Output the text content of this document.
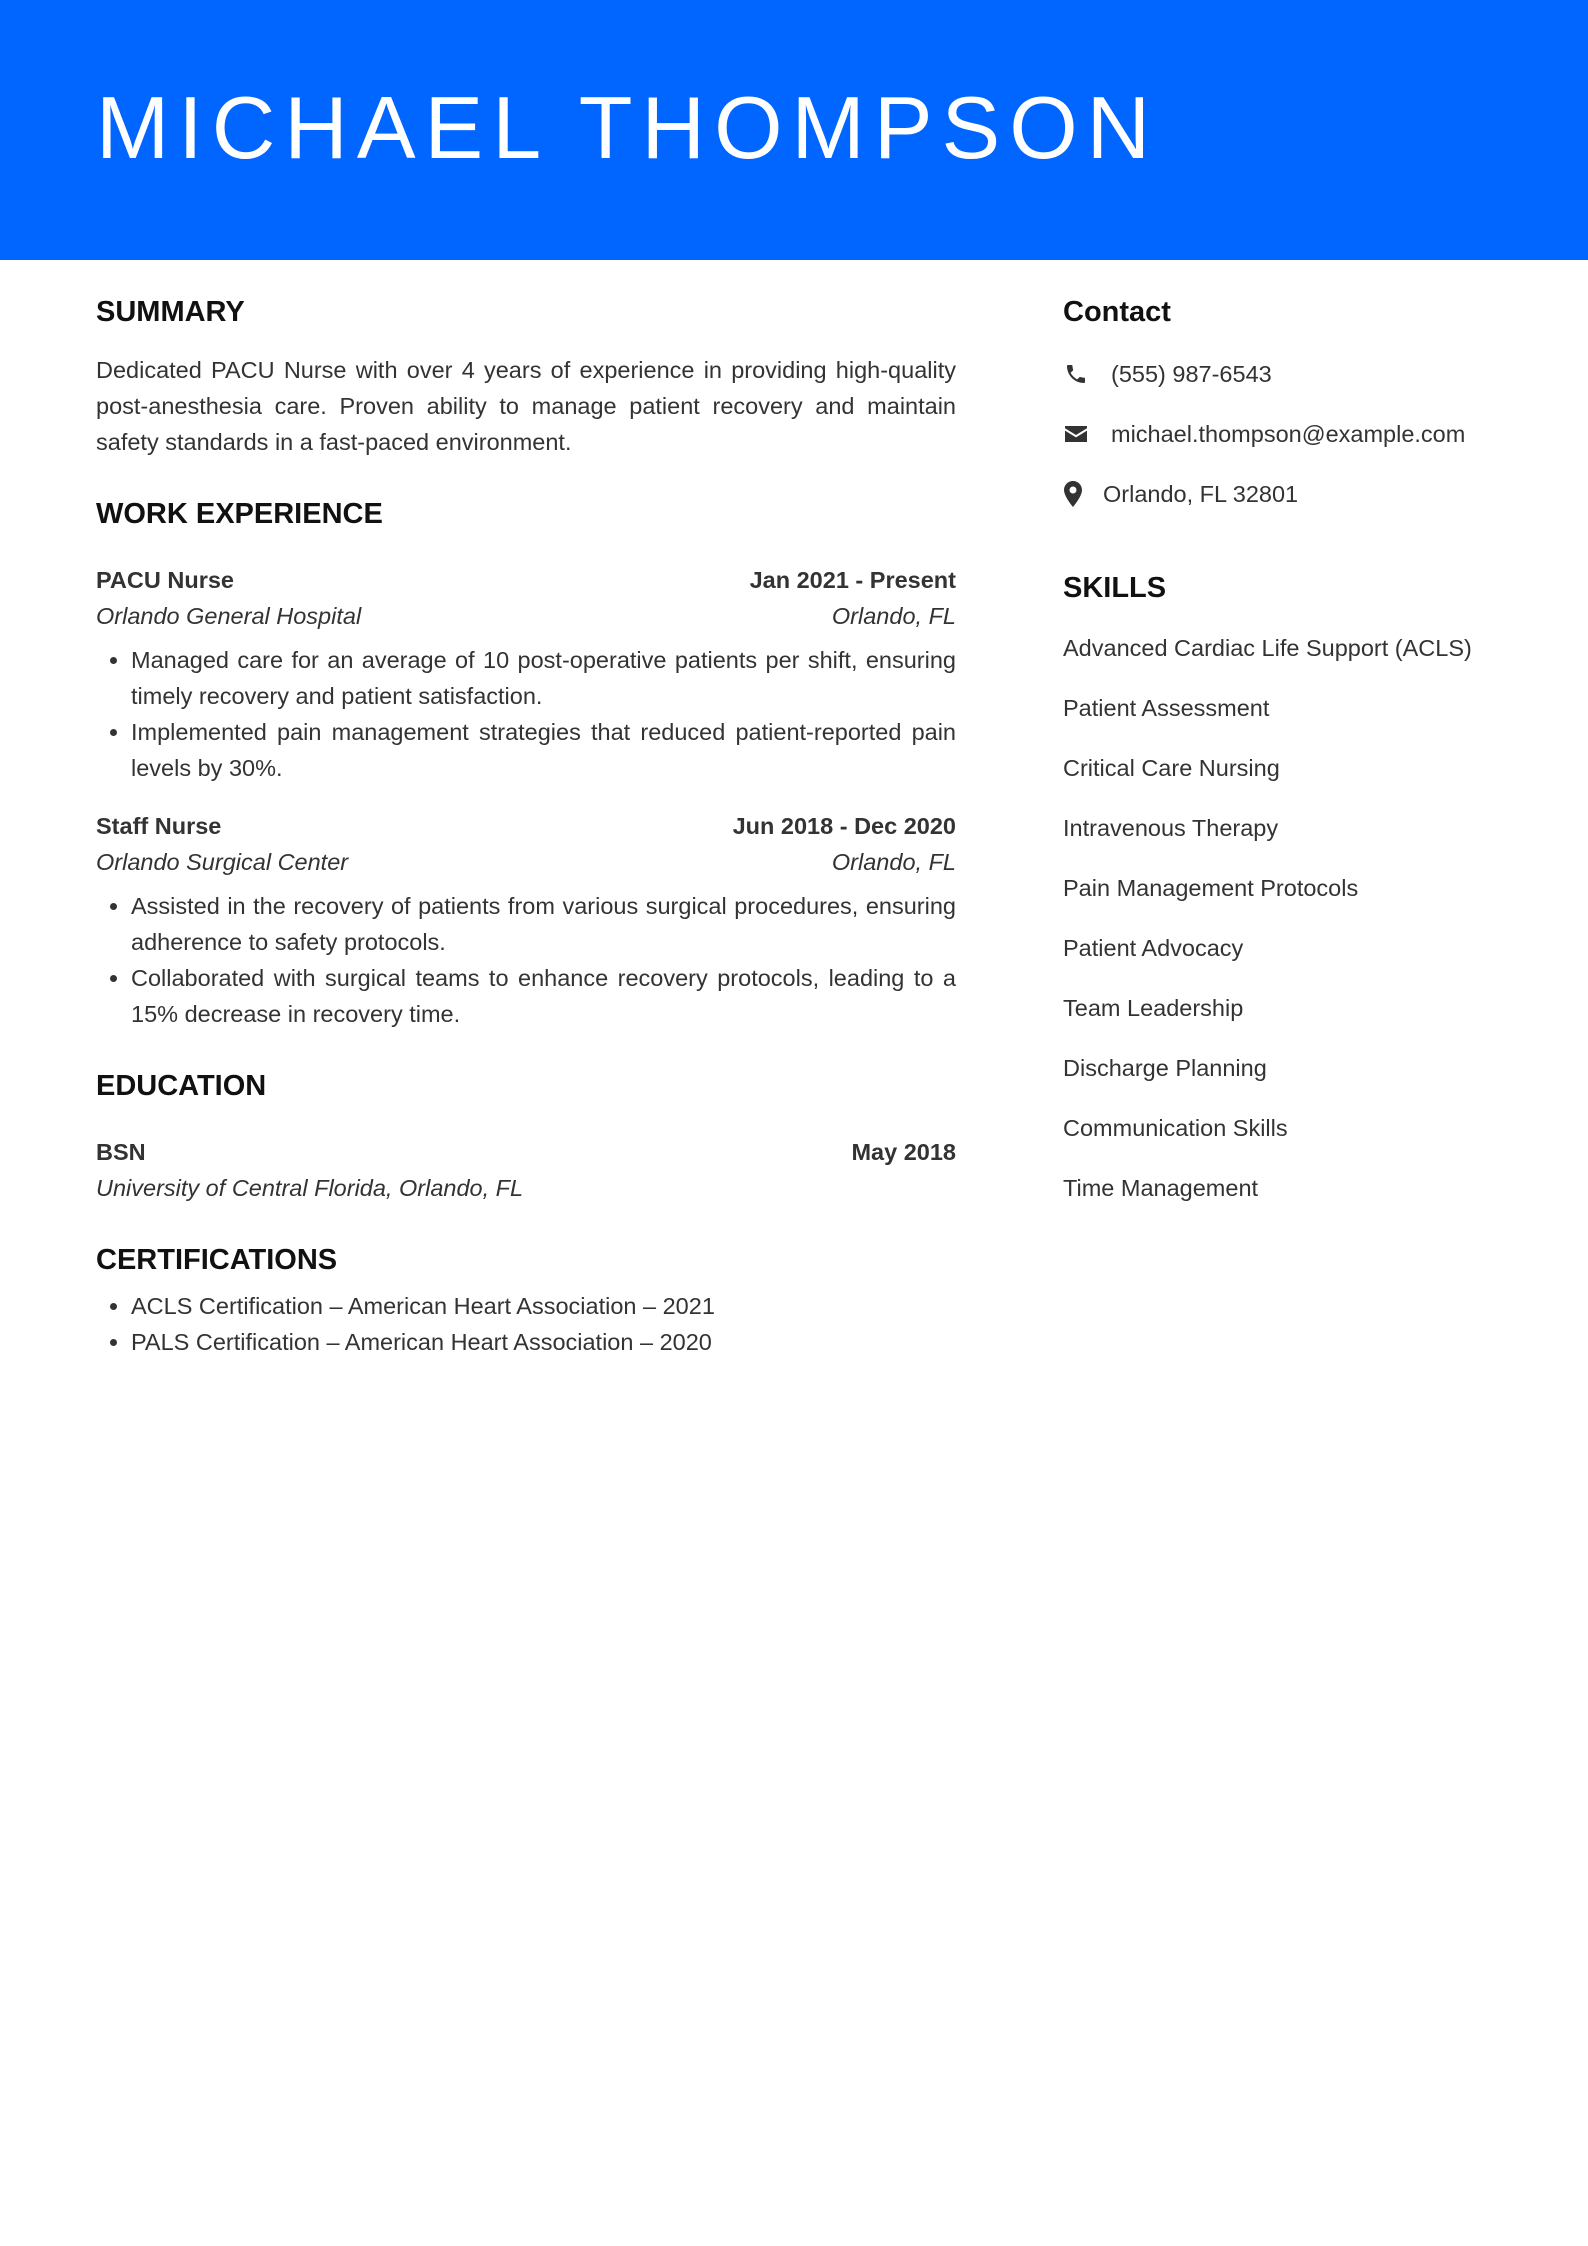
MICHAEL THOMPSON
SUMMARY

Dedicated PACU Nurse with over 4 years of experience in providing high-quality post-anesthesia care. Proven ability to manage patient recovery and maintain safety standards in a fast-paced environment.

WORK EXPERIENCE
PACU Nurse	Jan 2021 - Present
Orlando General Hospital	Orlando, FL
• Managed care for an average of 10 post-operative patients per shift, ensuring timely recovery and patient satisfaction.
• Implemented pain management strategies that reduced patient-reported pain levels by 30%.
Staff Nurse	Jun 2018 - Dec 2020
Orlando Surgical Center	Orlando, FL
• Assisted in the recovery of patients from various surgical procedures, ensuring adherence to safety protocols.
• Collaborated with surgical teams to enhance recovery protocols, leading to a 15% decrease in recovery time.
EDUCATION
BSN	May 2018
University of Central Florida, Orlando, FL
CERTIFICATIONS
• ACLS Certification – American Heart Association – 2021
• PALS Certification – American Heart Association – 2020
Contact
(555) 987-6543
michael.thompson@example.com
Orlando, FL 32801
SKILLS
Advanced Cardiac Life Support (ACLS)
Patient Assessment
Critical Care Nursing
Intravenous Therapy
Pain Management Protocols
Patient Advocacy
Team Leadership
Discharge Planning
Communication Skills
Time Management
